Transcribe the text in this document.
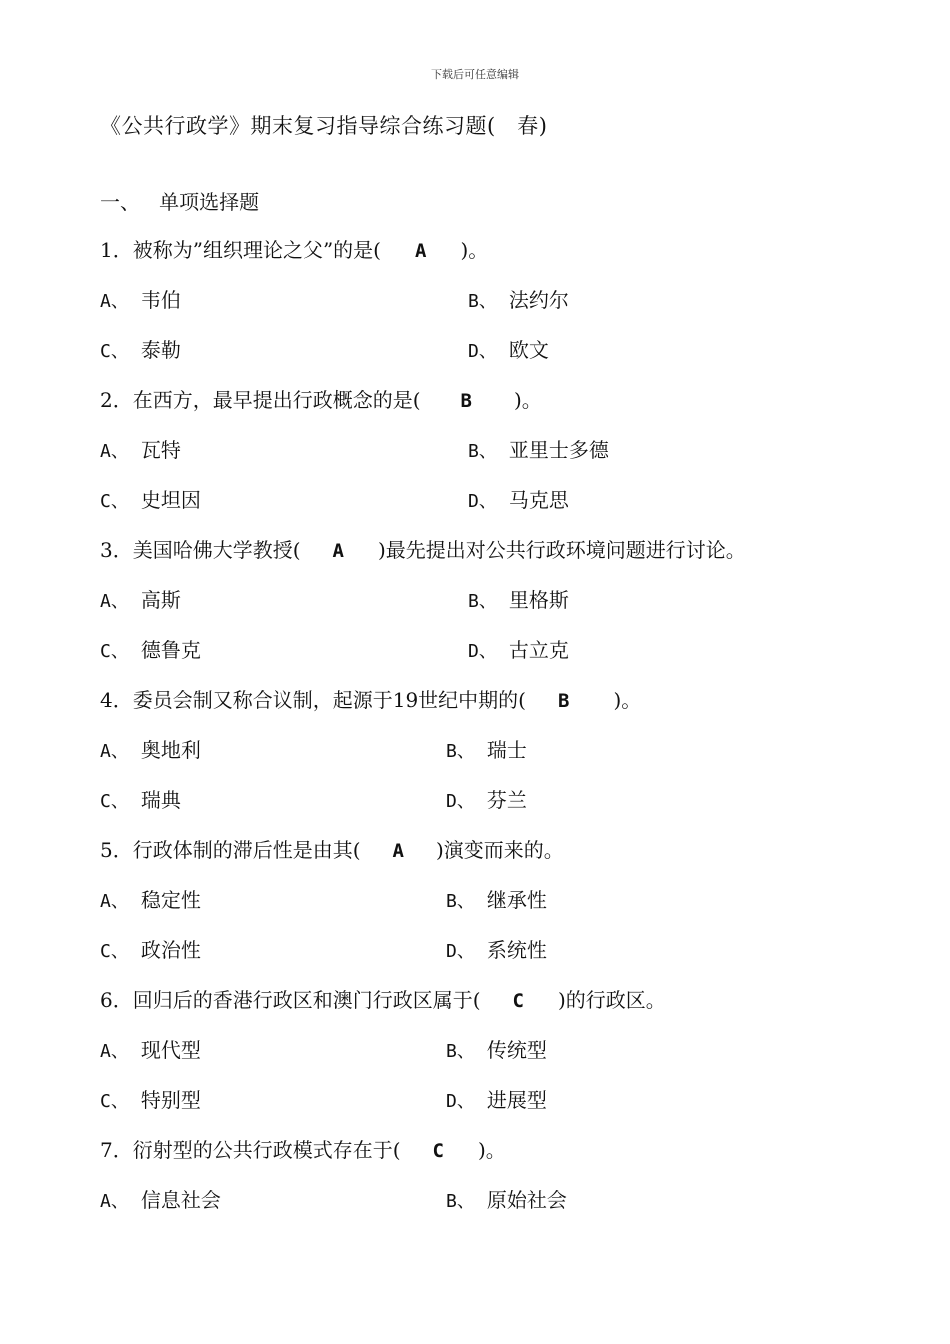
下载后可任意编辑
《公共行政学》期末复习指导综合练习题(   春)
一、   单项选择题
1．被称为”组织理论之父”的是( A )。
A、 韦伯	B、 法约尔
C、 泰勒	D、 欧文
2．在西方，最早提出行政概念的是( B )。
A、 瓦特	B、 亚里士多德
C、 史坦因	D、 马克思
3．美国哈佛大学教授( A )最先提出对公共行政环境问题进行讨论。
A、 高斯	B、 里格斯
C、 德鲁克	D、 古立克
4．委员会制又称合议制，起源于19世纪中期的( B )。
A、 奥地利	B、 瑞士
C、 瑞典	D、 芬兰
5．行政体制的滞后性是由其( A )演变而来的。
A、 稳定性	B、 继承性
C、 政治性	D、 系统性
6．回归后的香港行政区和澳门行政区属于( C )的行政区。
A、 现代型	B、 传统型
C、 特别型	D、 进展型
7．衍射型的公共行政模式存在于( C )。
A、 信息社会	B、 原始社会
